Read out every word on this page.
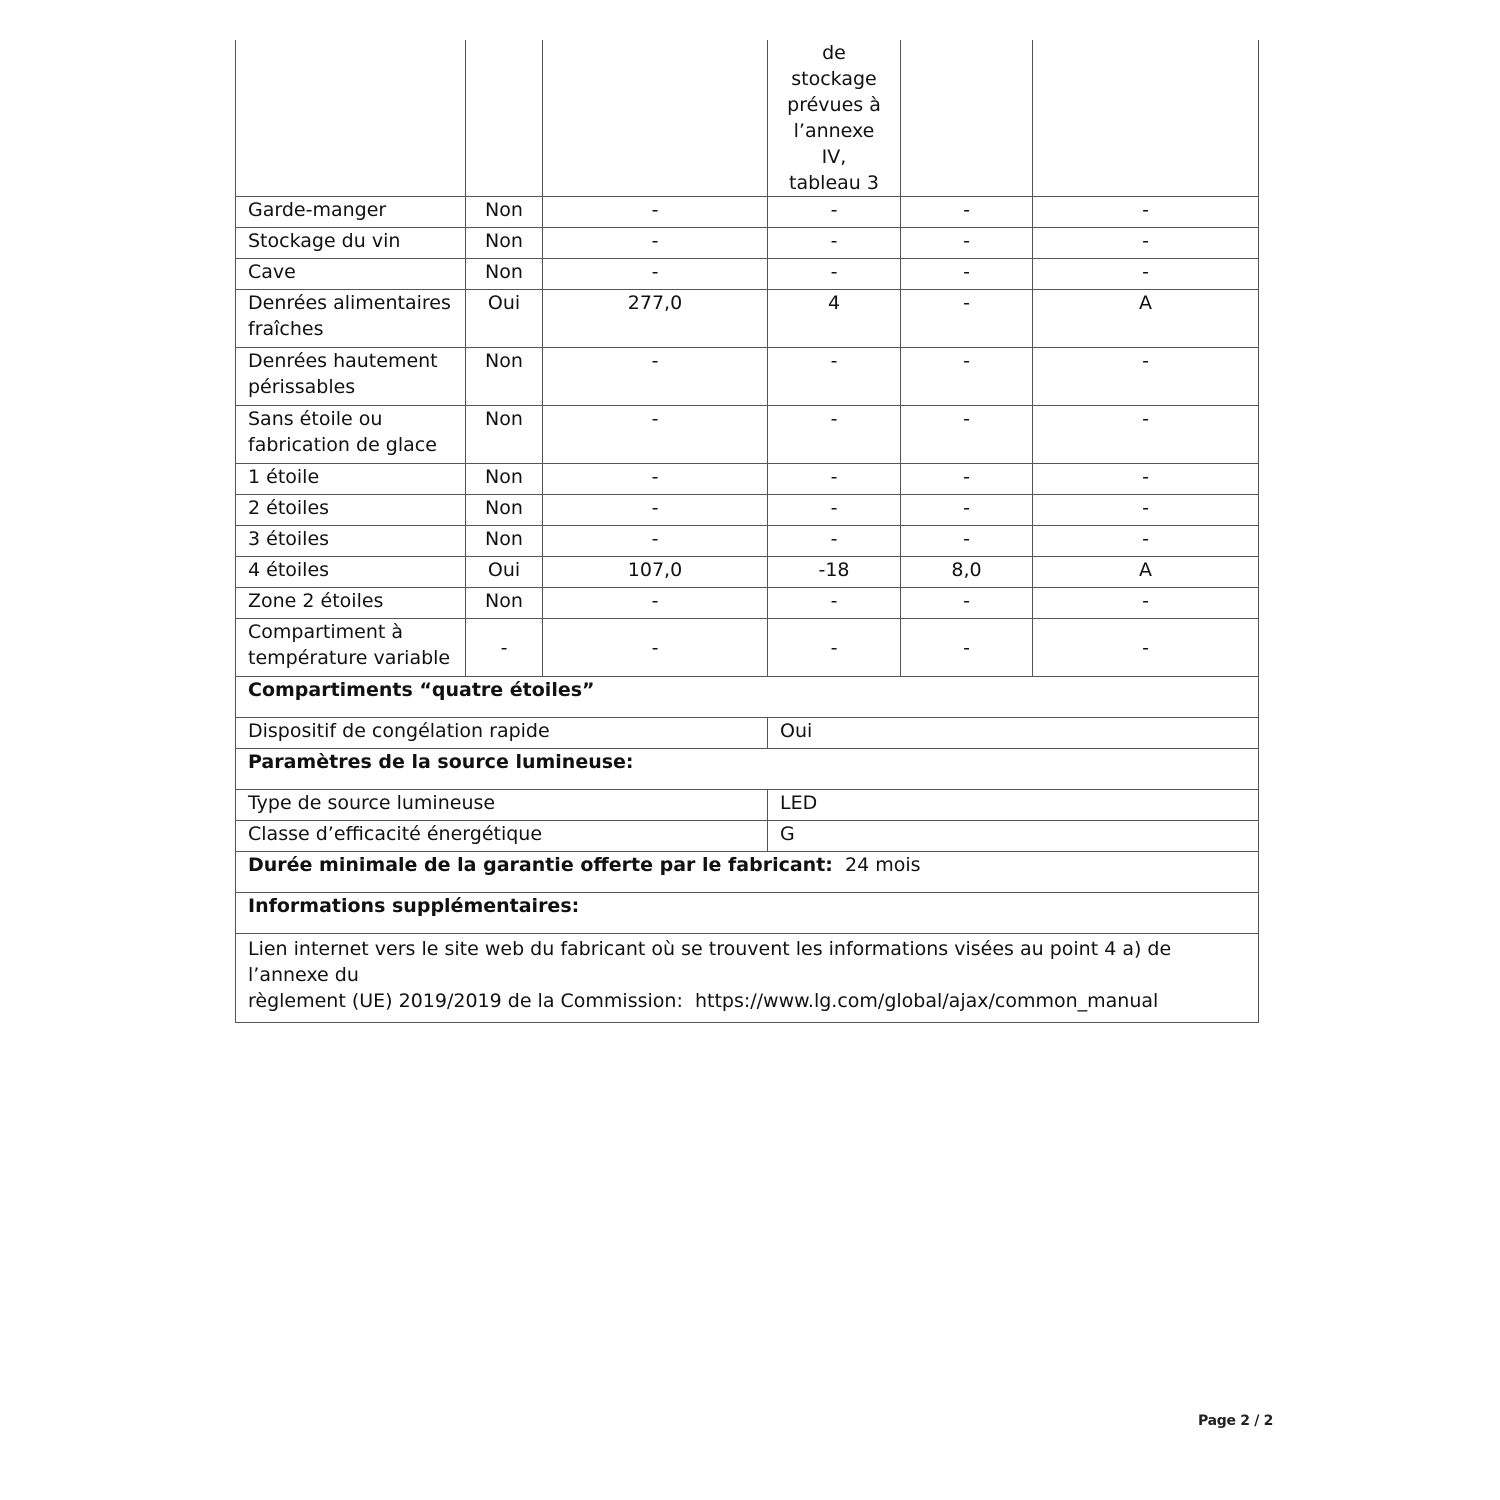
			de stockage
prévues à
l’annexe IV,
tableau 3		

Garde-manger	Non	-	-	-	-
Stockage du vin	Non	-	-	-	-
Cave	Non	-	-	-	-
Denrées alimentaires fraîches	Oui	277,0	4	-	A
Denrées hautement périssables	Non	-	-	-	-
Sans étoile ou fabrication de glace	Non	-	-	-	-
1 étoile	Non	-	-	-	-
2 étoiles	Non	-	-	-	-
3 étoiles	Non	-	-	-	-
4 étoiles	Oui	107,0	-18	8,0	A
Zone 2 étoiles	Non	-	-	-	-
Compartiment à température variable	-	-	-	-	-
Compartiments “quatre étoiles”	
Dispositif de congélation rapide	Oui
Paramètres de la source lumineuse:	
Type de source lumineuse	LED
Classe d’efficacité énergétique	G
Durée minimale de la garantie offerte par le fabricant: 24 mois	
Informations supplémentaires:	

Lien internet vers le site web du fabricant où se trouvent les informations visées au point 4 a) de l’annexe du
règlement (UE) 2019/2019 de la Commission: https://www.lg.com/global/ajax/common_manual	
Page 2 / 2
